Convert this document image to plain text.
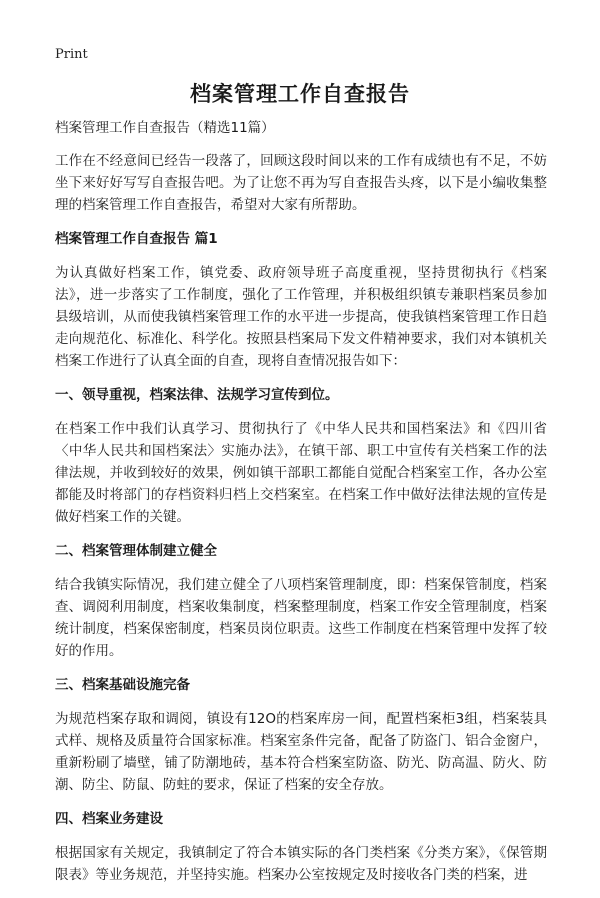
Print
档案管理工作自查报告

档案管理工作自查报告（精选11篇）

工作在不经意间已经告一段落了，回顾这段时间以来的工作有成绩也有不足，不妨坐下来好好写写自查报告吧。为了让您不再为写自查报告头疼，以下是小编收集整理的档案管理工作自查报告，希望对大家有所帮助。

档案管理工作自查报告 篇1

为认真做好档案工作，镇党委、政府领导班子高度重视，坚持贯彻执行《档案法》，进一步落实了工作制度，强化了工作管理，并积极组织镇专兼职档案员参加县级培训，从而使我镇档案管理工作的水平进一步提高，使我镇档案管理工作日趋走向规范化、标准化、科学化。按照县档案局下发文件精神要求，我们对本镇机关档案工作进行了认真全面的自查，现将自查情况报告如下：

一、领导重视，档案法律、法规学习宣传到位。

在档案工作中我们认真学习、贯彻执行了《中华人民共和国档案法》和《四川省〈中华人民共和国档案法〉实施办法》，在镇干部、职工中宣传有关档案工作的法律法规，并收到较好的效果，例如镇干部职工都能自觉配合档案室工作，各办公室都能及时将部门的存档资料归档上交档案室。在档案工作中做好法律法规的宣传是做好档案工作的关键。

二、档案管理体制建立健全

结合我镇实际情况，我们建立健全了八项档案管理制度，即：档案保管制度，档案查、调阅利用制度，档案收集制度，档案整理制度，档案工作安全管理制度，档案统计制度，档案保密制度，档案员岗位职责。这些工作制度在档案管理中发挥了较好的作用。

三、档案基础设施完备

为规范档案存取和调阅，镇设有12O的档案库房一间，配置档案柜3组，档案装具式样、规格及质量符合国家标准。档案室条件完备，配备了防盗门、铝合金窗户，重新粉刷了墙壁，铺了防潮地砖，基本符合档案室防盗、防光、防高温、防火、防潮、防尘、防鼠、防蛀的要求，保证了档案的安全存放。

四、档案业务建设

根据国家有关规定，我镇制定了符合本镇实际的各门类档案《分类方案》，《保管期限表》等业务规范，并坚持实施。档案办公室按规定及时接收各门类的档案，进
